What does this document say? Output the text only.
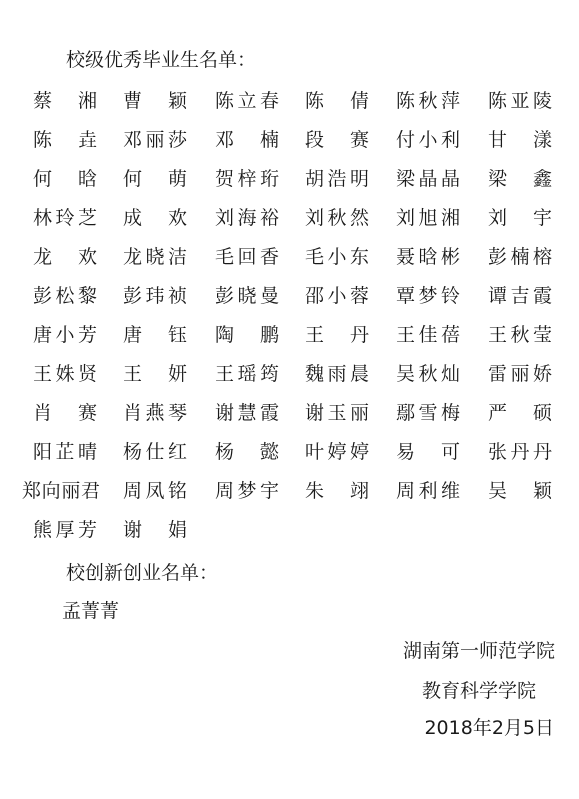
校级优秀毕业生名单：
蔡 湘 曹 颖 陈 立 春 陈 倩 陈 秋 萍 陈 亚 陵
陈 垚 邓 丽 莎 邓 楠 段 赛 付 小 利 甘 漾
何 晗 何 萌 贺 梓 珩 胡 浩 明 梁 晶 晶 梁 鑫
林 玲 芝 成 欢 刘 海 裕 刘 秋 然 刘 旭 湘 刘 宇
龙 欢 龙 晓 洁 毛 回 香 毛 小 东 聂 晗 彬 彭 楠 榕
彭 松 黎 彭 玮 祯 彭 晓 曼 邵 小 蓉 覃 梦 铃 谭 吉 霞
唐 小 芳 唐 钰 陶 鹏 王 丹 王 佳 蓓 王 秋 莹
王 姝 贤 王 妍 王 瑶 筠 魏 雨 晨 吴 秋 灿 雷 丽 娇
肖 赛 肖 燕 琴 谢 慧 霞 谢 玉 丽 鄢 雪 梅 严 硕
阳 芷 晴 杨 仕 红 杨 懿 叶 婷 婷 易 可 张 丹 丹
郑 向 丽 君 周 凤 铭 周 梦 宇 朱 翊 周 利 维 吴 颖
熊 厚 芳 谢 娟
校创新创业名单：
孟菁菁
湖南第一师范学院
教育科学学院
2018年2月5日
